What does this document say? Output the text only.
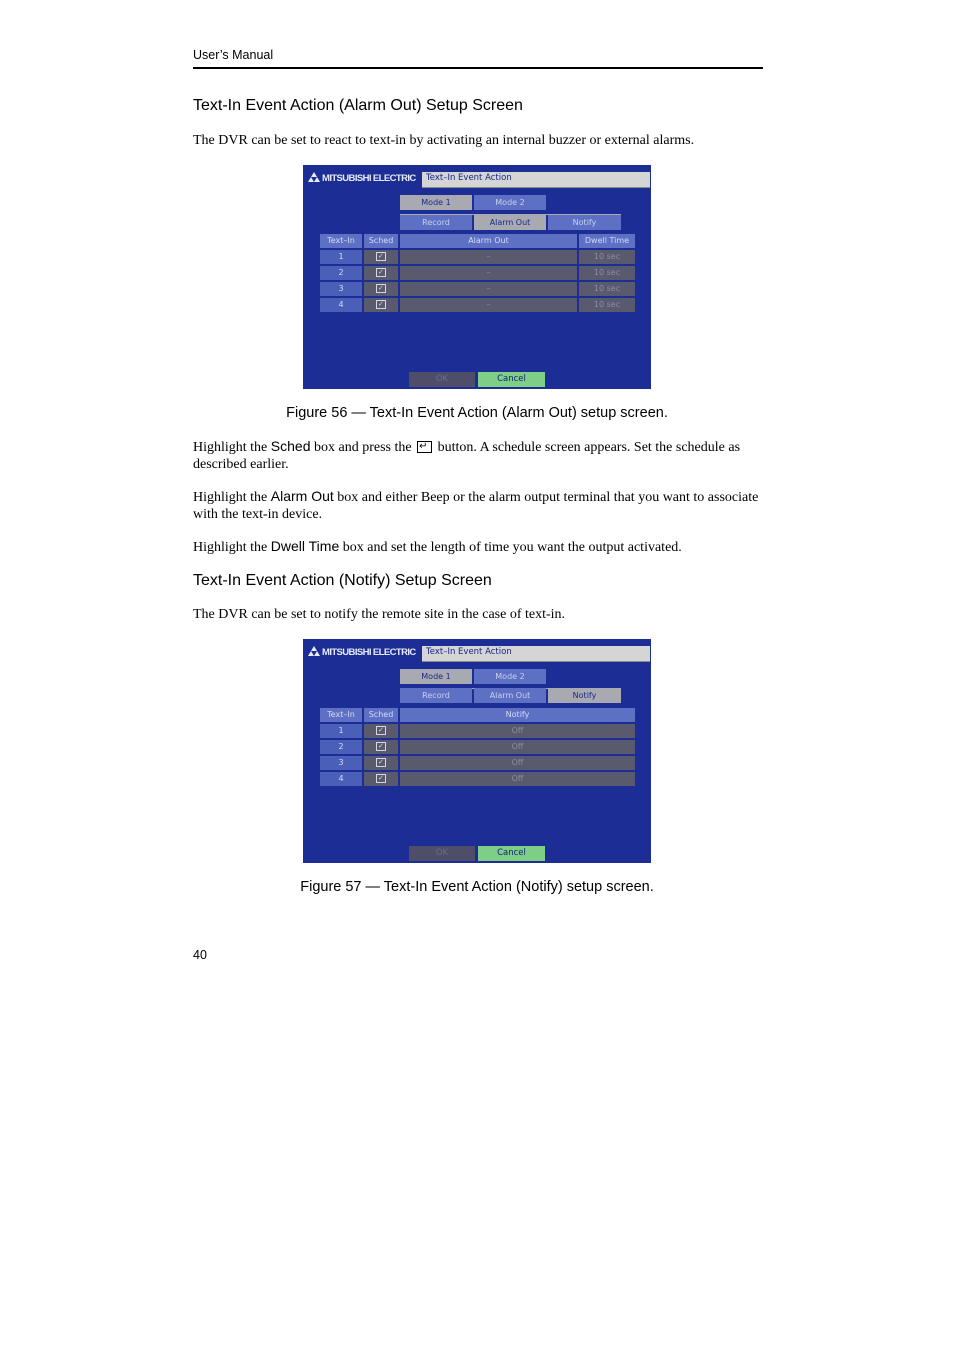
User’s Manual
Text-In Event Action (Alarm Out) Setup Screen
The DVR can be set to react to text-in by activating an internal buzzer or external alarms.
MITSUBISHI ELECTRIC Text–In Event Action
Mode 1	Mode 2
Record	Alarm Out	Notify
Text–In	Sched	Alarm Out	Dwell Time
1	✓	–	10 sec
2	✓	–	10 sec
3	✓	–	10 sec
4	✓	–	10 sec
OK	Cancel
Figure 56 — Text-In Event Action (Alarm Out) setup screen.
Highlight the Sched box and press the ↵ button. A schedule screen appears. Set the schedule as described earlier.
Highlight the Alarm Out box and either Beep or the alarm output terminal that you want to associate with the text-in device.
Highlight the Dwell Time box and set the length of time you want the output activated.
Text-In Event Action (Notify) Setup Screen
The DVR can be set to notify the remote site in the case of text-in.
MITSUBISHI ELECTRIC Text–In Event Action
Mode 1	Mode 2
Record	Alarm Out	Notify
Text–In	Sched	Notify
1	✓	Off
2	✓	Off
3	✓	Off
4	✓	Off
OK	Cancel
Figure 57 — Text-In Event Action (Notify) setup screen.
40
